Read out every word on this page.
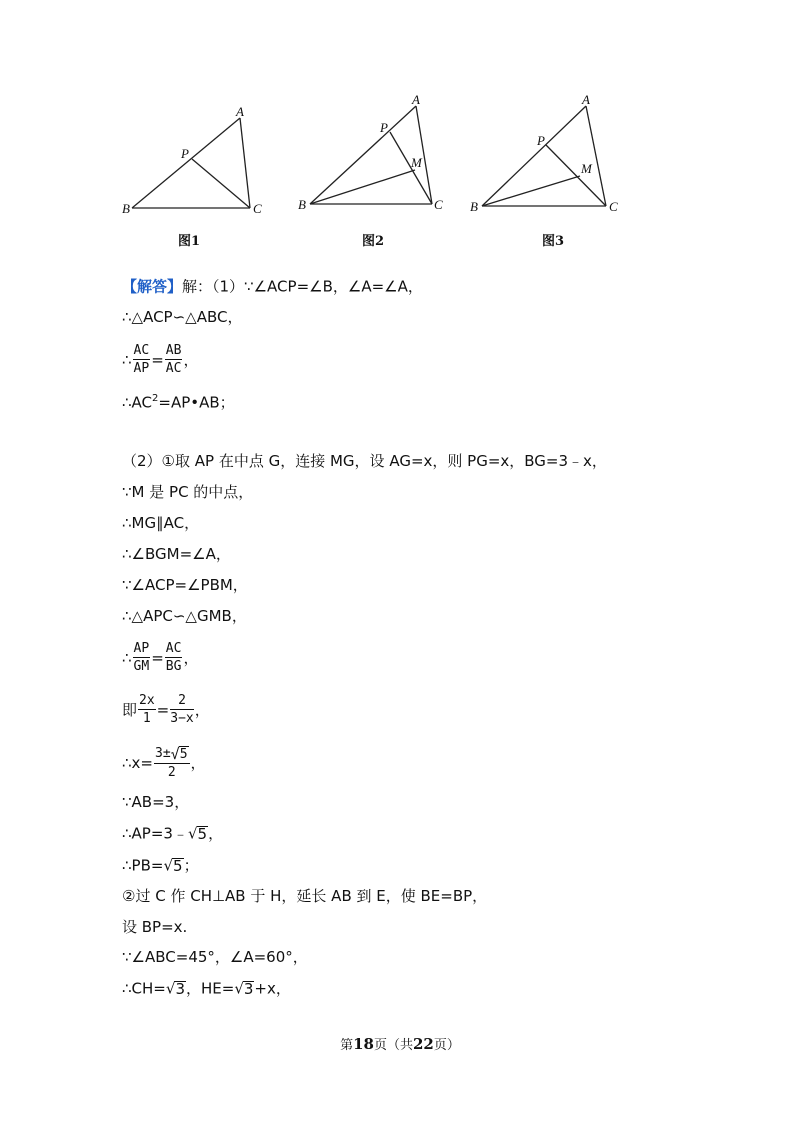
A
B	C
P
A
B	C
P
M
A
B	C
P
M
图1	图2	图3
【解答】解：（1）∵∠ACP=∠B，∠A=∠A，
∴△ACP∽△ABC，
∴ $\frac{AC}{AP} = \frac{AB}{AC}$ ，
$\therefore AC^2=AP•AB$；
（2）①取 AP 在中点 G，连接 MG，设 AG=x，则 PG=x，BG=3﹣x，
∵M 是 PC 的中点，
∴MG∥AC，
∴∠BGM=∠A，
∵∠ACP=∠PBM，
∴△APC∽△GMB，
∴ $\frac{AP}{GM} = \frac{AC}{BG}$ ，
即 $\frac{2x}{1} = \frac{2}{3-x}$ ，
∴x= $\frac{3\pm√5}{2}$ ，
∵AB=3，
∴AP=3﹣√5，
∴PB=√5；
②过 C 作 CH⊥AB 于 H，延长 AB 到 E，使 BE=BP，
设 BP=x.
∵∠ABC=45°，∠A=60°，
∴CH=√3，HE=√3+x，
第18页（共22页）
